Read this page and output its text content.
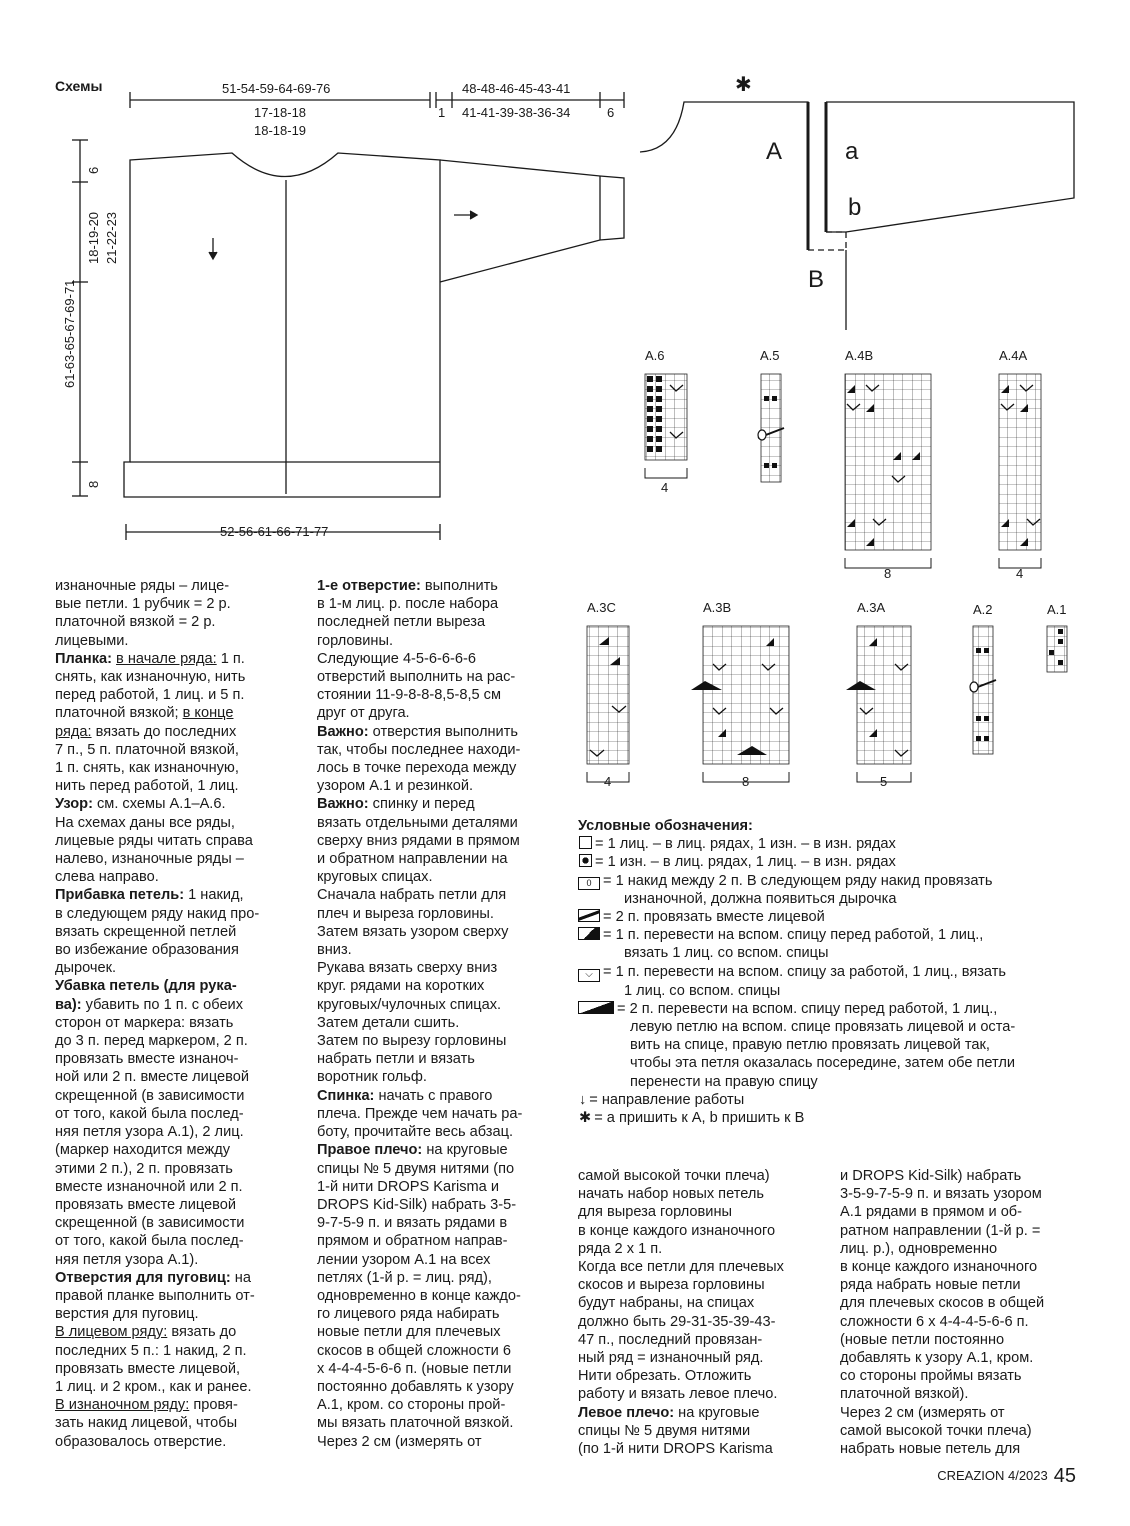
Схемы	51-54-59-64-69-76
17-18-18
18-18-19
48-48-46-45-43-41
1 41-41-39-38-36-34	6
6
18-19-20 21-22-23
61-63-65-67-69-71
8
52-56-61-66-71-77
✱
A	a
b
B
A.6	A.5	A.4B	A.4A
A.3C	A.3B	A.3A	A.2	A.1
4
8	4
4	8	5

изнаночные ряды – лице-

вые петли. 1 рубчик = 2 р.

платочной вязкой = 2 р.

лицевыми.

Планка: в начале ряда: 1 п.

снять, как изнаночную, нить

перед работой, 1 лиц. и 5 п.

платочной вязкой; в конце

ряда: вязать до последних

7 п., 5 п. платочной вязкой,

1 п. снять, как изнаночную,

нить перед работой, 1 лиц.

Узор: см. схемы А.1–А.6.

На схемах даны все ряды,

лицевые ряды читать справа

налево, изнаночные ряды –

слева направо.

Прибавка петель: 1 накид,

в следующем ряду накид про-

вязать скрещенной петлей

во избежание образования

дырочек.

Убавка петель (для рука-

ва): убавить по 1 п. с обеих

сторон от маркера: вязать

до 3 п. перед маркером, 2 п.

провязать вместе изнаноч-

ной или 2 п. вместе лицевой

скрещенной (в зависимости

от того, какой была послед-

няя петля узора А.1), 2 лиц.

(маркер находится между

этими 2 п.), 2 п. провязать

вместе изнаночной или 2 п.

провязать вместе лицевой

скрещенной (в зависимости

от того, какой была послед-

няя петля узора А.1).

Отверстия для пуговиц: на

правой планке выполнить от-

верстия для пуговиц.

В лицевом ряду: вязать до

последних 5 п.: 1 накид, 2 п.

провязать вместе лицевой,

1 лиц. и 2 кром., как и ранее.

В изнаночном ряду: провя-

зать накид лицевой, чтобы

образовалось отверстие.

1-е отверстие: выполнить

в 1-м лиц. р. после набора

последней петли выреза

горловины.

Следующие 4-5-6-6-6-6

отверстий выполнить на рас-

стоянии 11-9-8-8-8,5-8,5 см

друг от друга.

Важно: отверстия выполнить

так, чтобы последнее находи-

лось в точке перехода между

узором А.1 и резинкой.

Важно: спинку и перед

вязать отдельными деталями

сверху вниз рядами в прямом

и обратном направлении на

круговых спицах.

Сначала набрать петли для

плеч и выреза горловины.

Затем вязать узором сверху

вниз.

Рукава вязать сверху вниз

круг. рядами на коротких

круговых/чулочных спицах.

Затем детали сшить.

Затем по вырезу горловины

набрать петли и вязать

воротник гольф.

Спинка: начать с правого

плеча. Прежде чем начать ра-

боту, прочитайте весь абзац.

Правое плечо: на круговые

спицы № 5 двумя нитями (по

1-й нити DROPS Karisma и

DROPS Kid-Silk) набрать 3-5-

9-7-5-9 п. и вязать рядами в

прямом и обратном направ-

лении узором А.1 на всех

петлях (1-й р. = лиц. ряд),

одновременно в конце каждо-

го лицевого ряда набирать

новые петли для плечевых

скосов в общей сложности 6

х 4-4-4-5-6-6 п. (новые петли

постоянно добавлять к узору

А.1, кром. со стороны прой-

мы вязать платочной вязкой.

Через 2 см (измерять от

Условные обозначения:

= 1 лиц. – в лиц. рядах, 1 изн. – в изн. рядах

= 1 изн. – в лиц. рядах, 1 лиц. – в изн. рядах

0 = 1 накид между 2 п. В следующем ряду накид провязать

изнаночной, должна появиться дырочка

= 2 п. провязать вместе лицевой

= 1 п. перевести на вспом. спицу перед работой, 1 лиц.,

вязать 1 лиц. со вспом. спицы

⌵ = 1 п. перевести на вспом. спицу за работой, 1 лиц., вязать

1 лиц. со вспом. спицы

= 2 п. перевести на вспом. спицу перед работой, 1 лиц.,

левую петлю на вспом. спице провязать лицевой и оста-

вить на спице, правую петлю провязать лицевой так,

чтобы эта петля оказалась посередине, затем обе петли

перенести на правую спицу

↓ = направление работы

✱ = a пришить к A, b пришить к B

самой высокой точки плеча)

начать набор новых петель

для выреза горловины

в конце каждого изнаночного

ряда 2 х 1 п.

Когда все петли для плечевых

скосов и выреза горловины

будут набраны, на спицах

должно быть 29-31-35-39-43-

47 п., последний провязан-

ный ряд = изнаночный ряд.

Нити обрезать. Отложить

работу и вязать левое плечо.

Левое плечо: на круговые

спицы № 5 двумя нитями

(по 1-й нити DROPS Karisma

и DROPS Kid-Silk) набрать

3-5-9-7-5-9 п. и вязать узором

А.1 рядами в прямом и об-

ратном направлении (1-й р. =

лиц. р.), одновременно

в конце каждого изнаночного

ряда набрать новые петли

для плечевых скосов в общей

сложности 6 х 4-4-4-5-6-6 п.

(новые петли постоянно

добавлять к узору А.1, кром.

со стороны проймы вязать

платочной вязкой).

Через 2 см (измерять от

самой высокой точки плеча)

набрать новые петель для

CREAZION 4/2023 45
